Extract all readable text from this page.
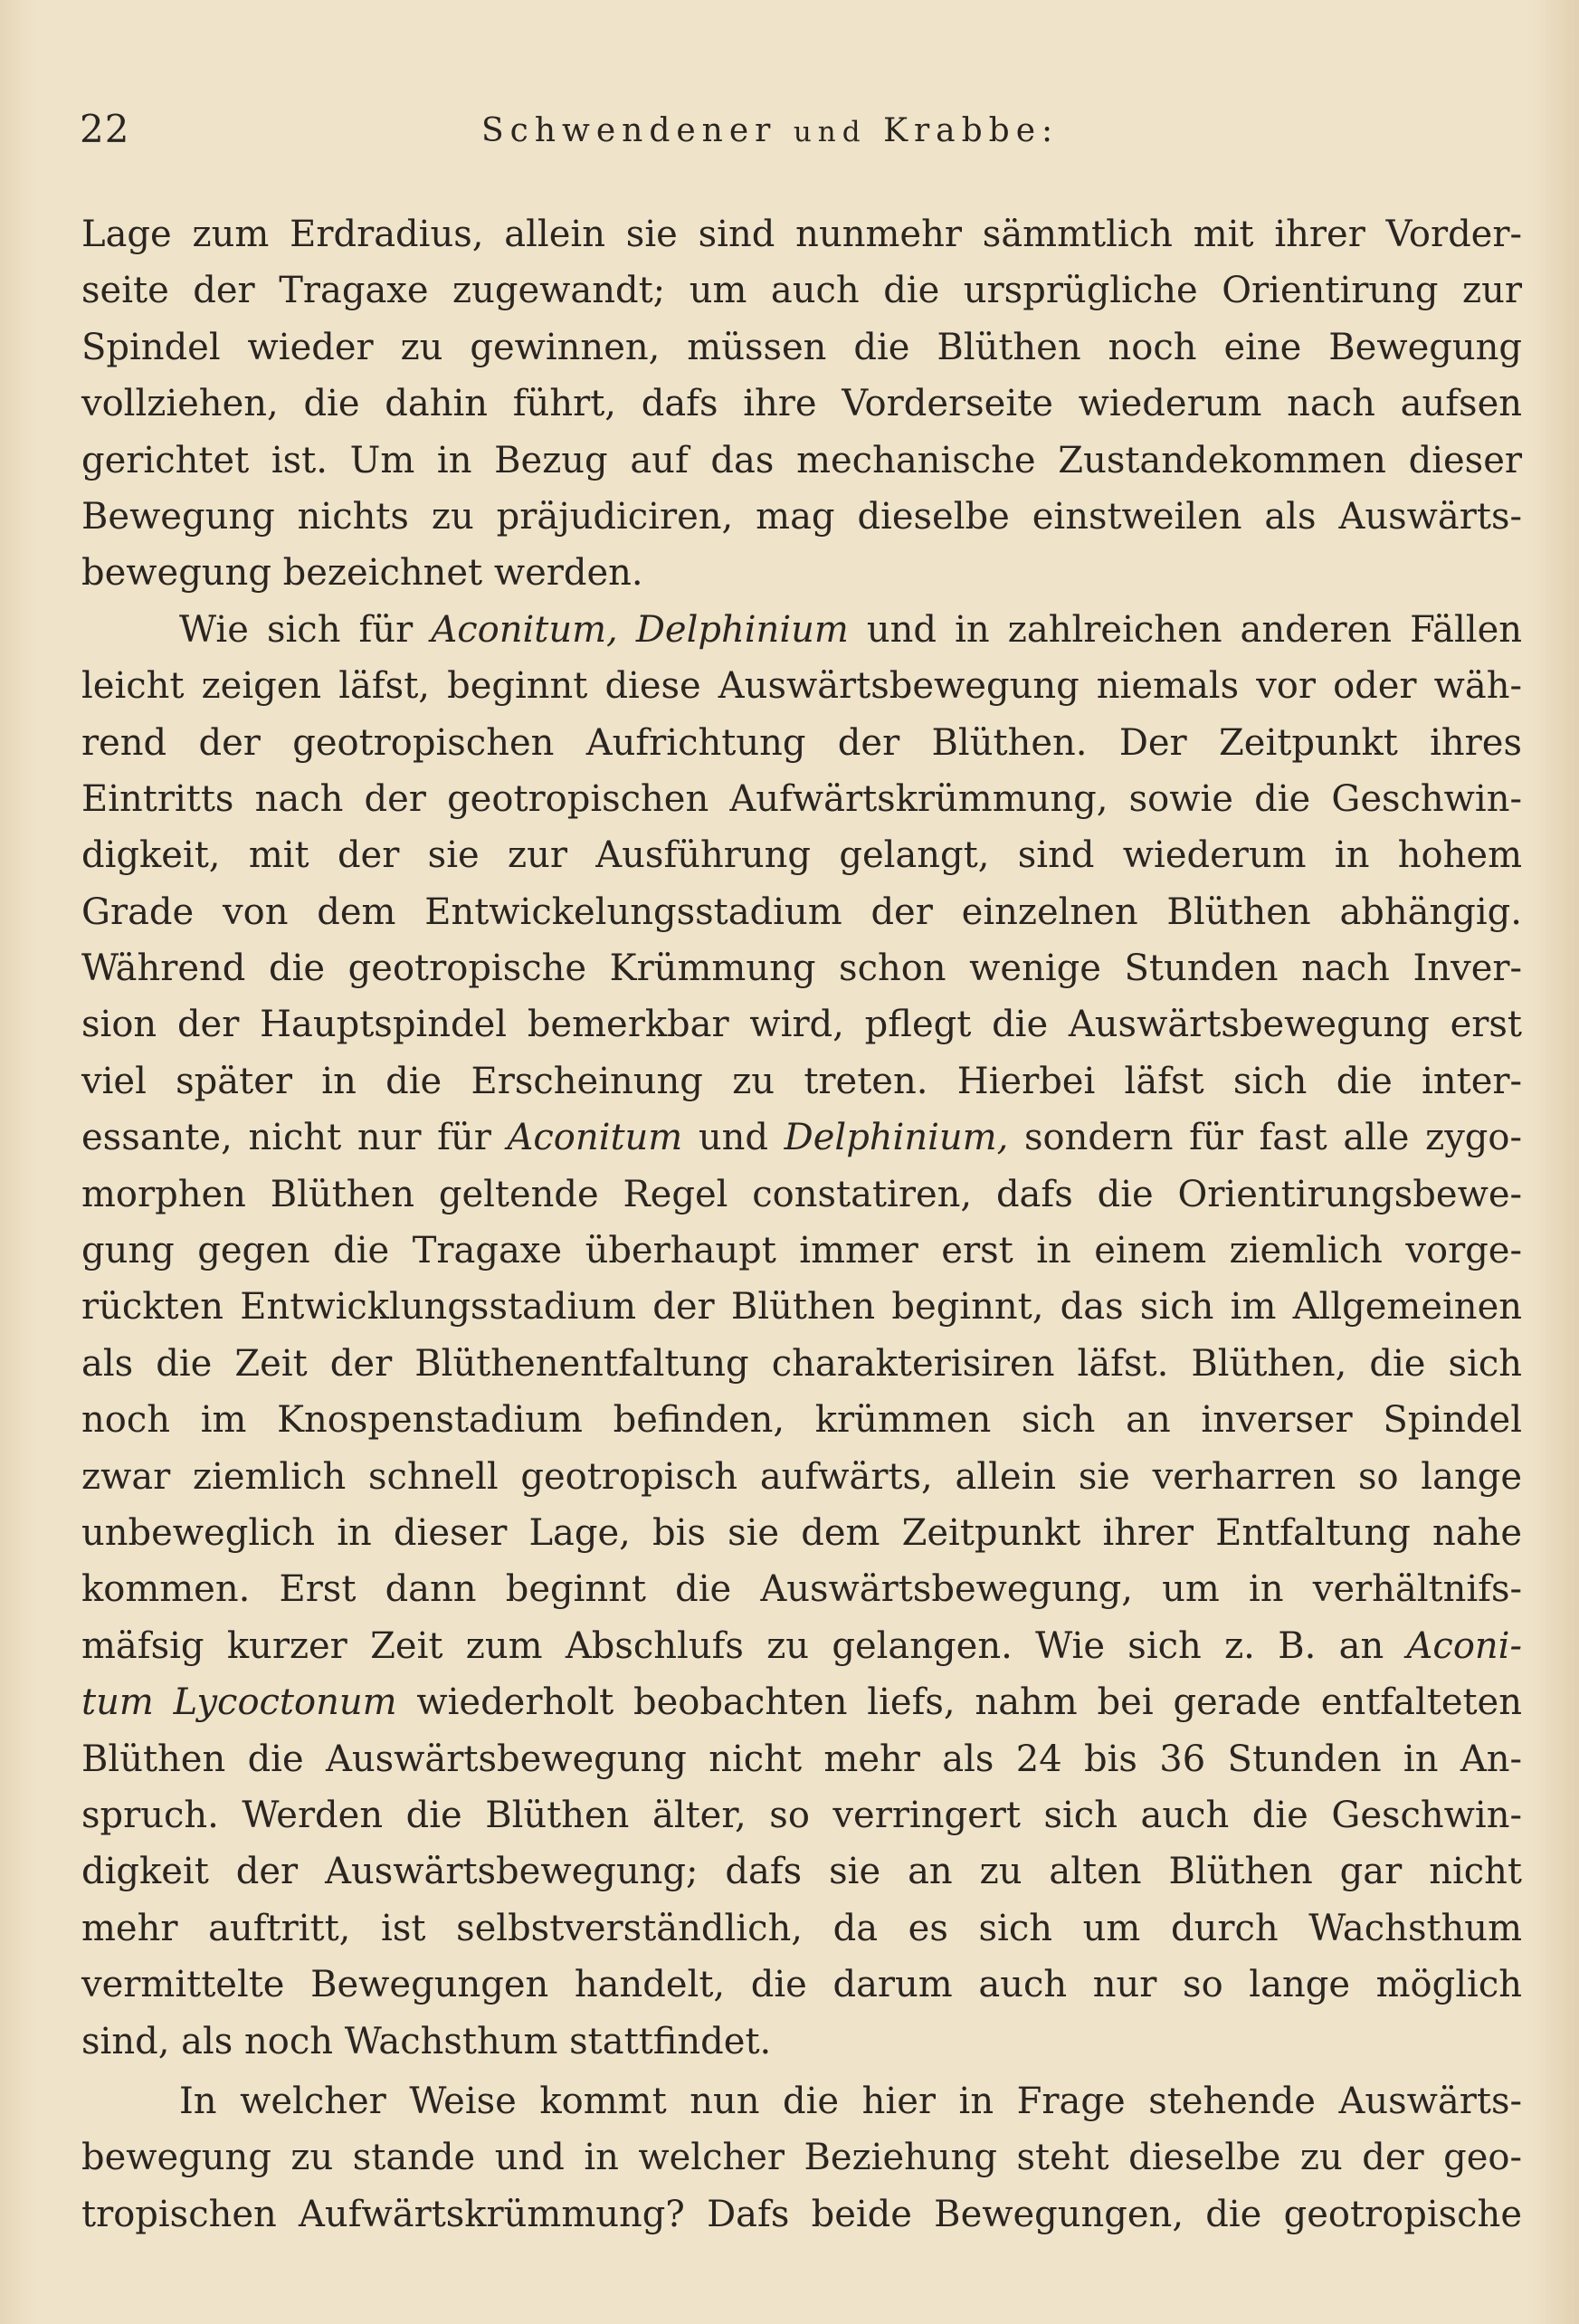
22	Schwendener und Krabbe:
Lage zum Erdradius, allein sie sind nunmehr sämmtlich mit ihrer Vorder-
seite der Tragaxe zugewandt; um auch die ursprügliche Orientirung zur
Spindel wieder zu gewinnen, müssen die Blüthen noch eine Bewegung
vollziehen, die dahin führt, dafs ihre Vorderseite wiederum nach aufsen
gerichtet ist. Um in Bezug auf das mechanische Zustandekommen dieser
Bewegung nichts zu präjudiciren, mag dieselbe einstweilen als Auswärts-
bewegung bezeichnet werden.
Wie sich für Aconitum, Delphinium und in zahlreichen anderen Fällen
leicht zeigen läfst, beginnt diese Auswärtsbewegung niemals vor oder wäh-
rend der geotropischen Aufrichtung der Blüthen. Der Zeitpunkt ihres
Eintritts nach der geotropischen Aufwärtskrümmung, sowie die Geschwin-
digkeit, mit der sie zur Ausführung gelangt, sind wiederum in hohem
Grade von dem Entwickelungsstadium der einzelnen Blüthen abhängig.
Während die geotropische Krümmung schon wenige Stunden nach Inver-
sion der Hauptspindel bemerkbar wird, pflegt die Auswärtsbewegung erst
viel später in die Erscheinung zu treten. Hierbei läfst sich die inter-
essante, nicht nur für Aconitum und Delphinium, sondern für fast alle zygo-
morphen Blüthen geltende Regel constatiren, dafs die Orientirungsbewe-
gung gegen die Tragaxe überhaupt immer erst in einem ziemlich vorge-
rückten Entwicklungsstadium der Blüthen beginnt, das sich im Allgemeinen
als die Zeit der Blüthenentfaltung charakterisiren läfst. Blüthen, die sich
noch im Knospenstadium befinden, krümmen sich an inverser Spindel
zwar ziemlich schnell geotropisch aufwärts, allein sie verharren so lange
unbeweglich in dieser Lage, bis sie dem Zeitpunkt ihrer Entfaltung nahe
kommen. Erst dann beginnt die Auswärtsbewegung, um in verhältnifs-
mäfsig kurzer Zeit zum Abschlufs zu gelangen. Wie sich z. B. an Aconi-
tum Lycoctonum wiederholt beobachten liefs, nahm bei gerade entfalteten
Blüthen die Auswärtsbewegung nicht mehr als 24 bis 36 Stunden in An-
spruch. Werden die Blüthen älter, so verringert sich auch die Geschwin-
digkeit der Auswärtsbewegung; dafs sie an zu alten Blüthen gar nicht
mehr auftritt, ist selbstverständlich, da es sich um durch Wachsthum
vermittelte Bewegungen handelt, die darum auch nur so lange möglich
sind, als noch Wachsthum stattfindet.
In welcher Weise kommt nun die hier in Frage stehende Auswärts-
bewegung zu stande und in welcher Beziehung steht dieselbe zu der geo-
tropischen Aufwärtskrümmung? Dafs beide Bewegungen, die geotropische
